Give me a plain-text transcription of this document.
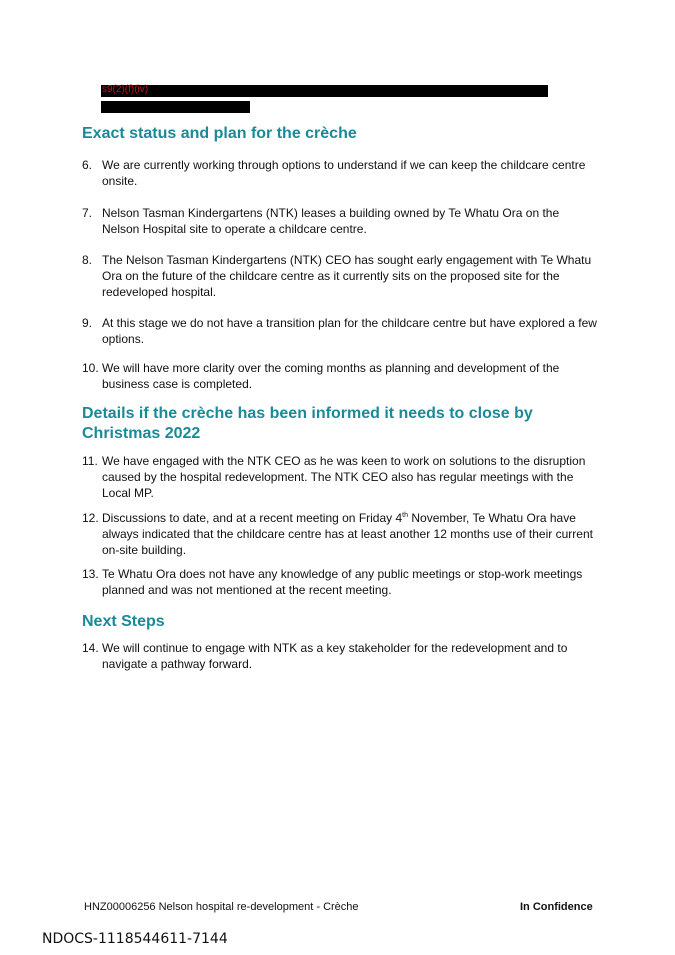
s9(2)(f)(iv)
Exact status and plan for the crèche
6. We are currently working through options to understand if we can keep the childcare centre onsite.
7. Nelson Tasman Kindergartens (NTK) leases a building owned by Te Whatu Ora on the Nelson Hospital site to operate a childcare centre.
8. The Nelson Tasman Kindergartens (NTK) CEO has sought early engagement with Te Whatu Ora on the future of the childcare centre as it currently sits on the proposed site for the redeveloped hospital.
9. At this stage we do not have a transition plan for the childcare centre but have explored a few options.
10. We will have more clarity over the coming months as planning and development of the business case is completed.
Details if the crèche has been informed it needs to close by Christmas 2022
11. We have engaged with the NTK CEO as he was keen to work on solutions to the disruption caused by the hospital redevelopment. The NTK CEO also has regular meetings with the Local MP.
12. Discussions to date, and at a recent meeting on Friday 4th November, Te Whatu Ora have always indicated that the childcare centre has at least another 12 months use of their current on-site building.
13. Te Whatu Ora does not have any knowledge of any public meetings or stop-work meetings planned and was not mentioned at the recent meeting.
Next Steps
14. We will continue to engage with NTK as a key stakeholder for the redevelopment and to navigate a pathway forward.
HNZ00006256 Nelson hospital re-development - Crèche	In Confidence
NDOCS-1118544611-7144
